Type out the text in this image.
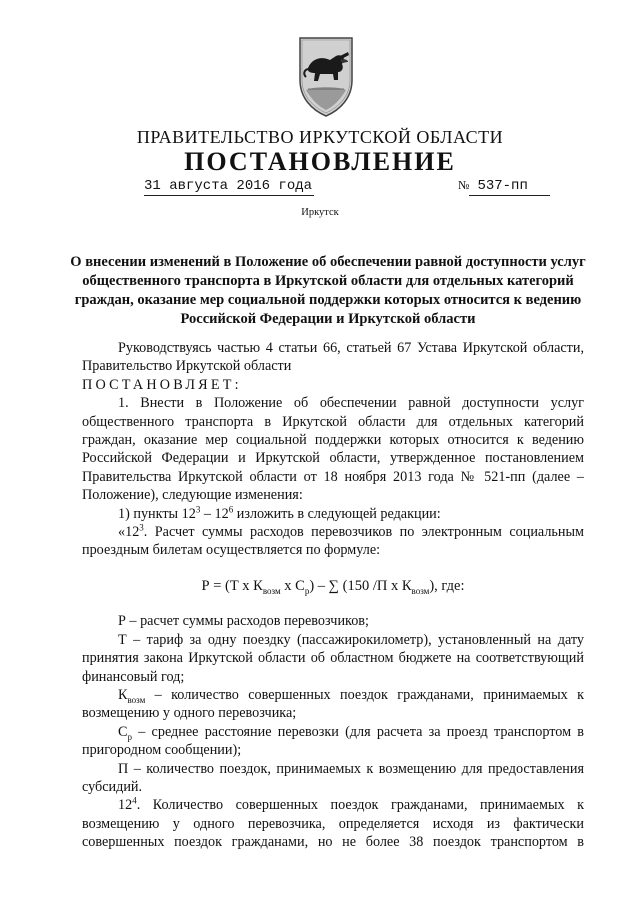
ПРАВИТЕЛЬСТВО ИРКУТСКОЙ ОБЛАСТИ
ПОСТАНОВЛЕНИЕ
31 августа 2016 года	№ 537-пп
Иркутск
О внесении изменений в Положение об обеспечении равной доступности услуг общественного транспорта в Иркутской области для отдельных категорий граждан, оказание мер социальной поддержки которых относится к ведению Российской Федерации и Иркутской области

Руководствуясь частью 4 статьи 66, статьей 67 Устава Иркутской области, Правительство Иркутской области

ПОСТАНОВЛЯЕТ:

1. Внести в Положение об обеспечении равной доступности услуг общественного транспорта в Иркутской области для отдельных категорий граждан, оказание мер социальной поддержки которых относится к ведению Российской Федерации и Иркутской области, утвержденное постановлением Правительства Иркутской области от 18 ноября 2013 года № 521-пп (далее – Положение), следующие изменения:

1) пункты $12^3 - 12^6$ изложить в следующей редакции:

«$12^3$. Расчет суммы расходов перевозчиков по электронным социальным проездным билетам осуществляется по формуле:

Р = (Т х $К_{возм}$ х $С_р$) – ∑ (150 /П х $К_{возм}$), где:

Р – расчет суммы расходов перевозчиков;

Т – тариф за одну поездку (пассажирокилометр), установленный на дату принятия закона Иркутской области об областном бюджете на соответствующий финансовый год;

$К_{возм}$ – количество совершенных поездок гражданами, принимаемых к возмещению у одного перевозчика;

$С_р$ – среднее расстояние перевозки (для расчета за проезд транспортом в пригородном сообщении);

П – количество поездок, принимаемых к возмещению для предоставления субсидий.

$12^4$. Количество совершенных поездок гражданами, принимаемых к возмещению у одного перевозчика, определяется исходя из фактически совершенных поездок гражданами, но не более 38 поездок транспортом в
